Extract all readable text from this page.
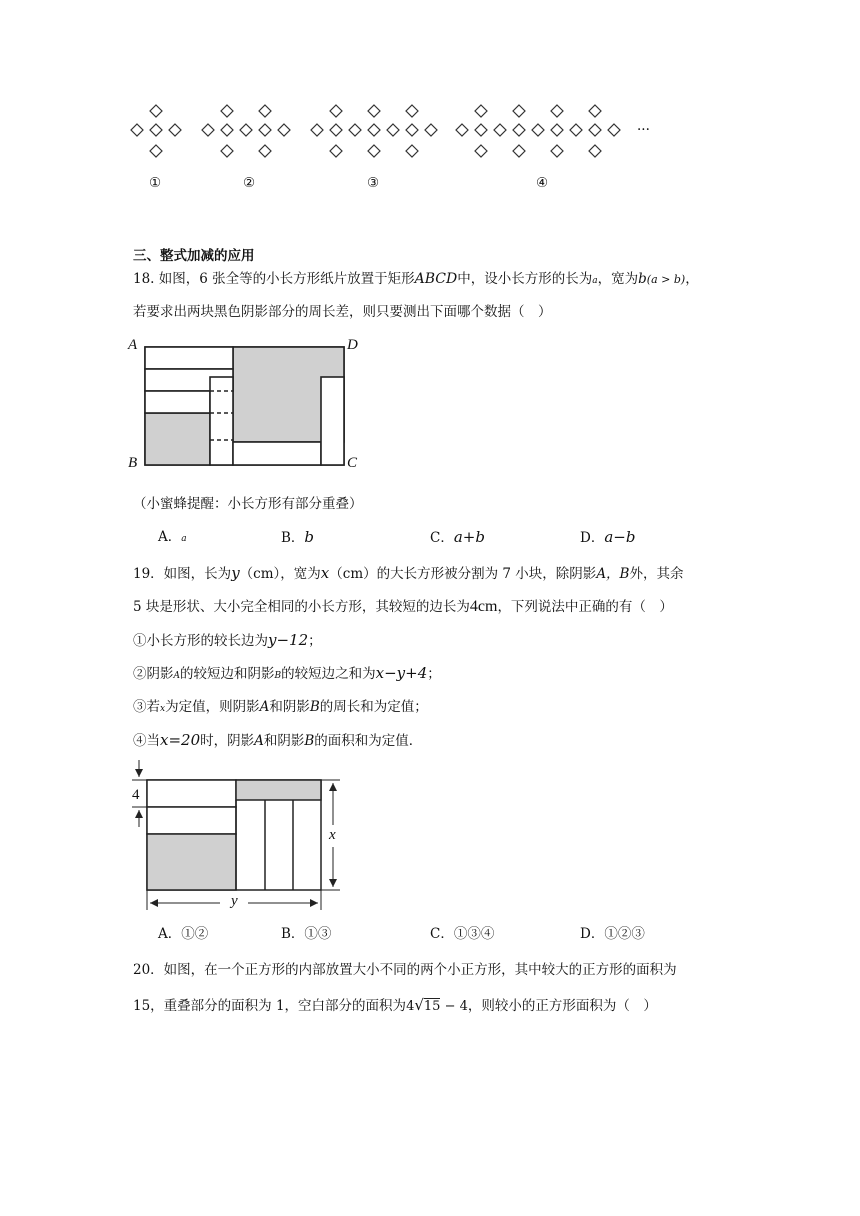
···
①	②	③	④
三、整式加减的应用
18. 如图，6 张全等的小长方形纸片放置于矩形ABCD中，设小长方形的长为a，宽为b(a > b)，
若要求出两块黑色阴影部分的周长差，则只要测出下面哪个数据（　）
A	D
B	C
（小蜜蜂提醒：小长方形有部分重叠）
A．a	B．b	C．a+b	D．a−b
19．如图，长为y（cm），宽为x（cm）的大长方形被分割为 7 小块，除阴影A，B外，其余
5 块是形状、大小完全相同的小长方形，其较短的边长为4cm，下列说法中正确的有（　）
①小长方形的较长边为y−12；
②阴影A的较短边和阴影B的较短边之和为x−y+4；
③若x为定值，则阴影A和阴影B的周长和为定值；
④当x=20时，阴影A和阴影B的面积和为定值．
4
x
y
A．①②	B．①③	C．①③④	D．①②③
20．如图，在一个正方形的内部放置大小不同的两个小正方形，其中较大的正方形的面积为
15，重叠部分的面积为 1，空白部分的面积为4√15 − 4，则较小的正方形面积为（　）
